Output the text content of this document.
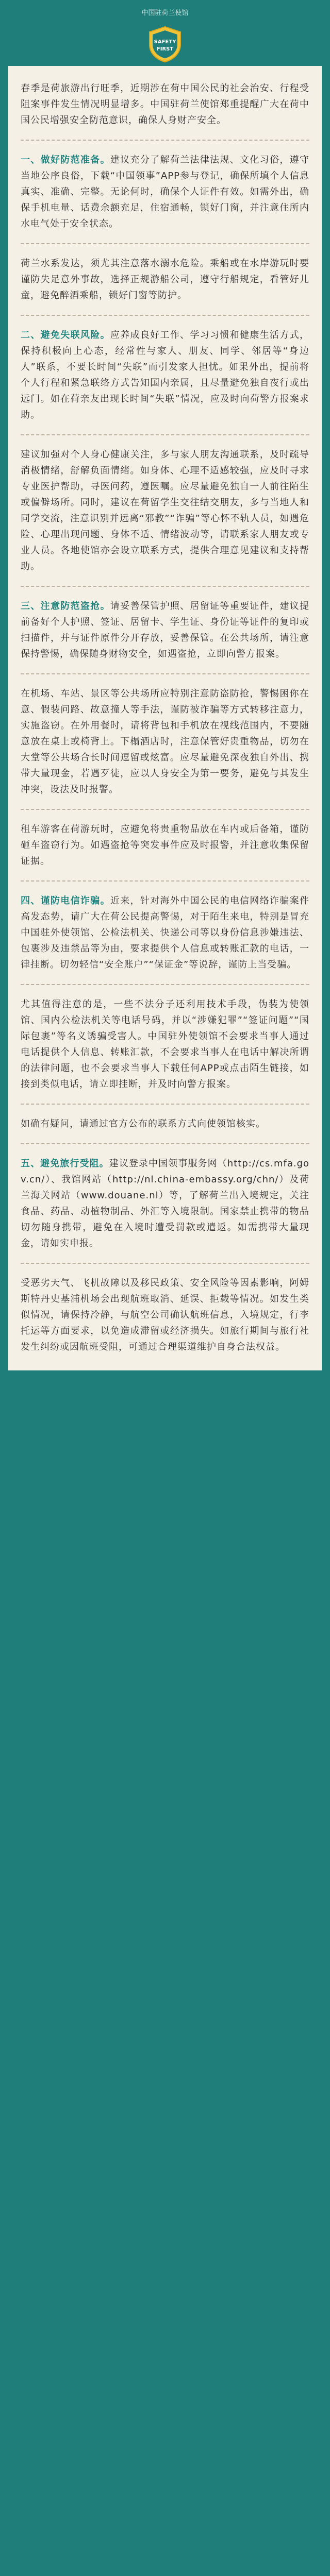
中国驻荷兰使馆
SAFETY
FIRST

春季是荷旅游出行旺季，近期涉在荷中国公民的社会治安、行程受阻案事件发生情况明显增多。中国驻荷兰使馆郑重提醒广大在荷中国公民增强安全防范意识，确保人身财产安全。

一、做好防范准备。建议充分了解荷兰法律法规、文化习俗，遵守当地公序良俗，下载“中国领事”APP参与登记，确保所填个人信息真实、准确、完整。无论何时，确保个人证件有效。如需外出，确保手机电量、话费余额充足，住宿通畅，锁好门窗，并注意住所内水电气处于安全状态。

荷兰水系发达，须尤其注意落水溺水危险。乘船或在水岸游玩时要谨防失足意外事故，选择正规游船公司，遵守行船规定，看管好儿童，避免醉酒乘船，锁好门窗等防护。

二、避免失联风险。应养成良好工作、学习习惯和健康生活方式，保持积极向上心态，经常性与家人、朋友、同学、邻居等“身边人”联系，不要长时间“失联”而引发家人担忧。如果外出，提前将个人行程和紧急联络方式告知国内亲属，且尽量避免独自夜行或出远门。如在荷亲友出现长时间“失联”情况，应及时向荷警方报案求助。

建议加强对个人身心健康关注，多与家人朋友沟通联系，及时疏导消极情绪，舒解负面情绪。如身体、心理不适感较强，应及时寻求专业医护帮助，寻医问药，遵医嘱。应尽量避免独自一人前往陌生或偏僻场所。同时，建议在荷留学生交往结交朋友，多与当地人和同学交流，注意识别并远离“邪教”“诈骗”等心怀不轨人员，如遇危险、心理出现问题、身体不适、情绪波动等，请联系家人朋友或专业人员。各地使馆亦会设立联系方式，提供合理意见建议和支持帮助。

三、注意防范盗抢。请妥善保管护照、居留证等重要证件，建议提前备好个人护照、签证、居留卡、学生证、身份证等证件的复印或扫描件，并与证件原件分开存放，妥善保管。在公共场所，请注意保持警惕，确保随身财物安全，如遇盗抢，立即向警方报案。

在机场、车站、景区等公共场所应特别注意防盗防抢，警惕困你在意、假装问路、故意撞人等手法，谨防被诈骗等方式转移注意力，实施盗窃。在外用餐时，请将背包和手机放在视线范围内，不要随意放在桌上或椅背上。下榻酒店时，注意保管好贵重物品，切勿在大堂等公共场合长时间逗留或炫富。应尽量避免深夜独自外出、携带大量现金，若遇歹徒，应以人身安全为第一要务，避免与其发生冲突，设法及时报警。

租车游客在荷游玩时，应避免将贵重物品放在车内或后备箱，谨防砸车盗窃行为。如遇盗抢等突发事件应及时报警，并注意收集保留证据。

四、谨防电信诈骗。近来，针对海外中国公民的电信网络诈骗案件高发态势，请广大在荷公民提高警惕，对于陌生来电，特别是冒充中国驻外使领馆、公检法机关、快递公司等以身份信息涉嫌违法、包裹涉及违禁品等为由，要求提供个人信息或转账汇款的电话，一律挂断。切勿轻信“安全账户”“保证金”等说辞，谨防上当受骗。

尤其值得注意的是，一些不法分子还利用技术手段，伪装为使领馆、国内公检法机关等电话号码，并以“涉嫌犯罪”“签证问题”“国际包裹”等名义诱骗受害人。中国驻外使领馆不会要求当事人通过电话提供个人信息、转账汇款，不会要求当事人在电话中解决所谓的法律问题，也不会要求当事人下载任何APP或点击陌生链接，如接到类似电话，请立即挂断，并及时向警方报案。

如确有疑问，请通过官方公布的联系方式向使领馆核实。

五、避免旅行受阻。建议登录中国领事服务网（http://cs.mfa.gov.cn/）、我馆网站（http://nl.china-embassy.org/chn/）及荷兰海关网站（www.douane.nl）等，了解荷兰出入境规定，关注食品、药品、动植物制品、外汇等入境限制。国家禁止携带的物品切勿随身携带，避免在入境时遭受罚款或遣返。如需携带大量现金，请如实申报。

受恶劣天气、飞机故障以及移民政策、安全风险等因素影响，阿姆斯特丹史基浦机场会出现航班取消、延误、拒载等情况。如发生类似情况，请保持冷静，与航空公司确认航班信息，入境规定，行李托运等方面要求，以免造成滞留或经济损失。如旅行期间与旅行社发生纠纷或因航班受阻，可通过合理渠道维护自身合法权益。
